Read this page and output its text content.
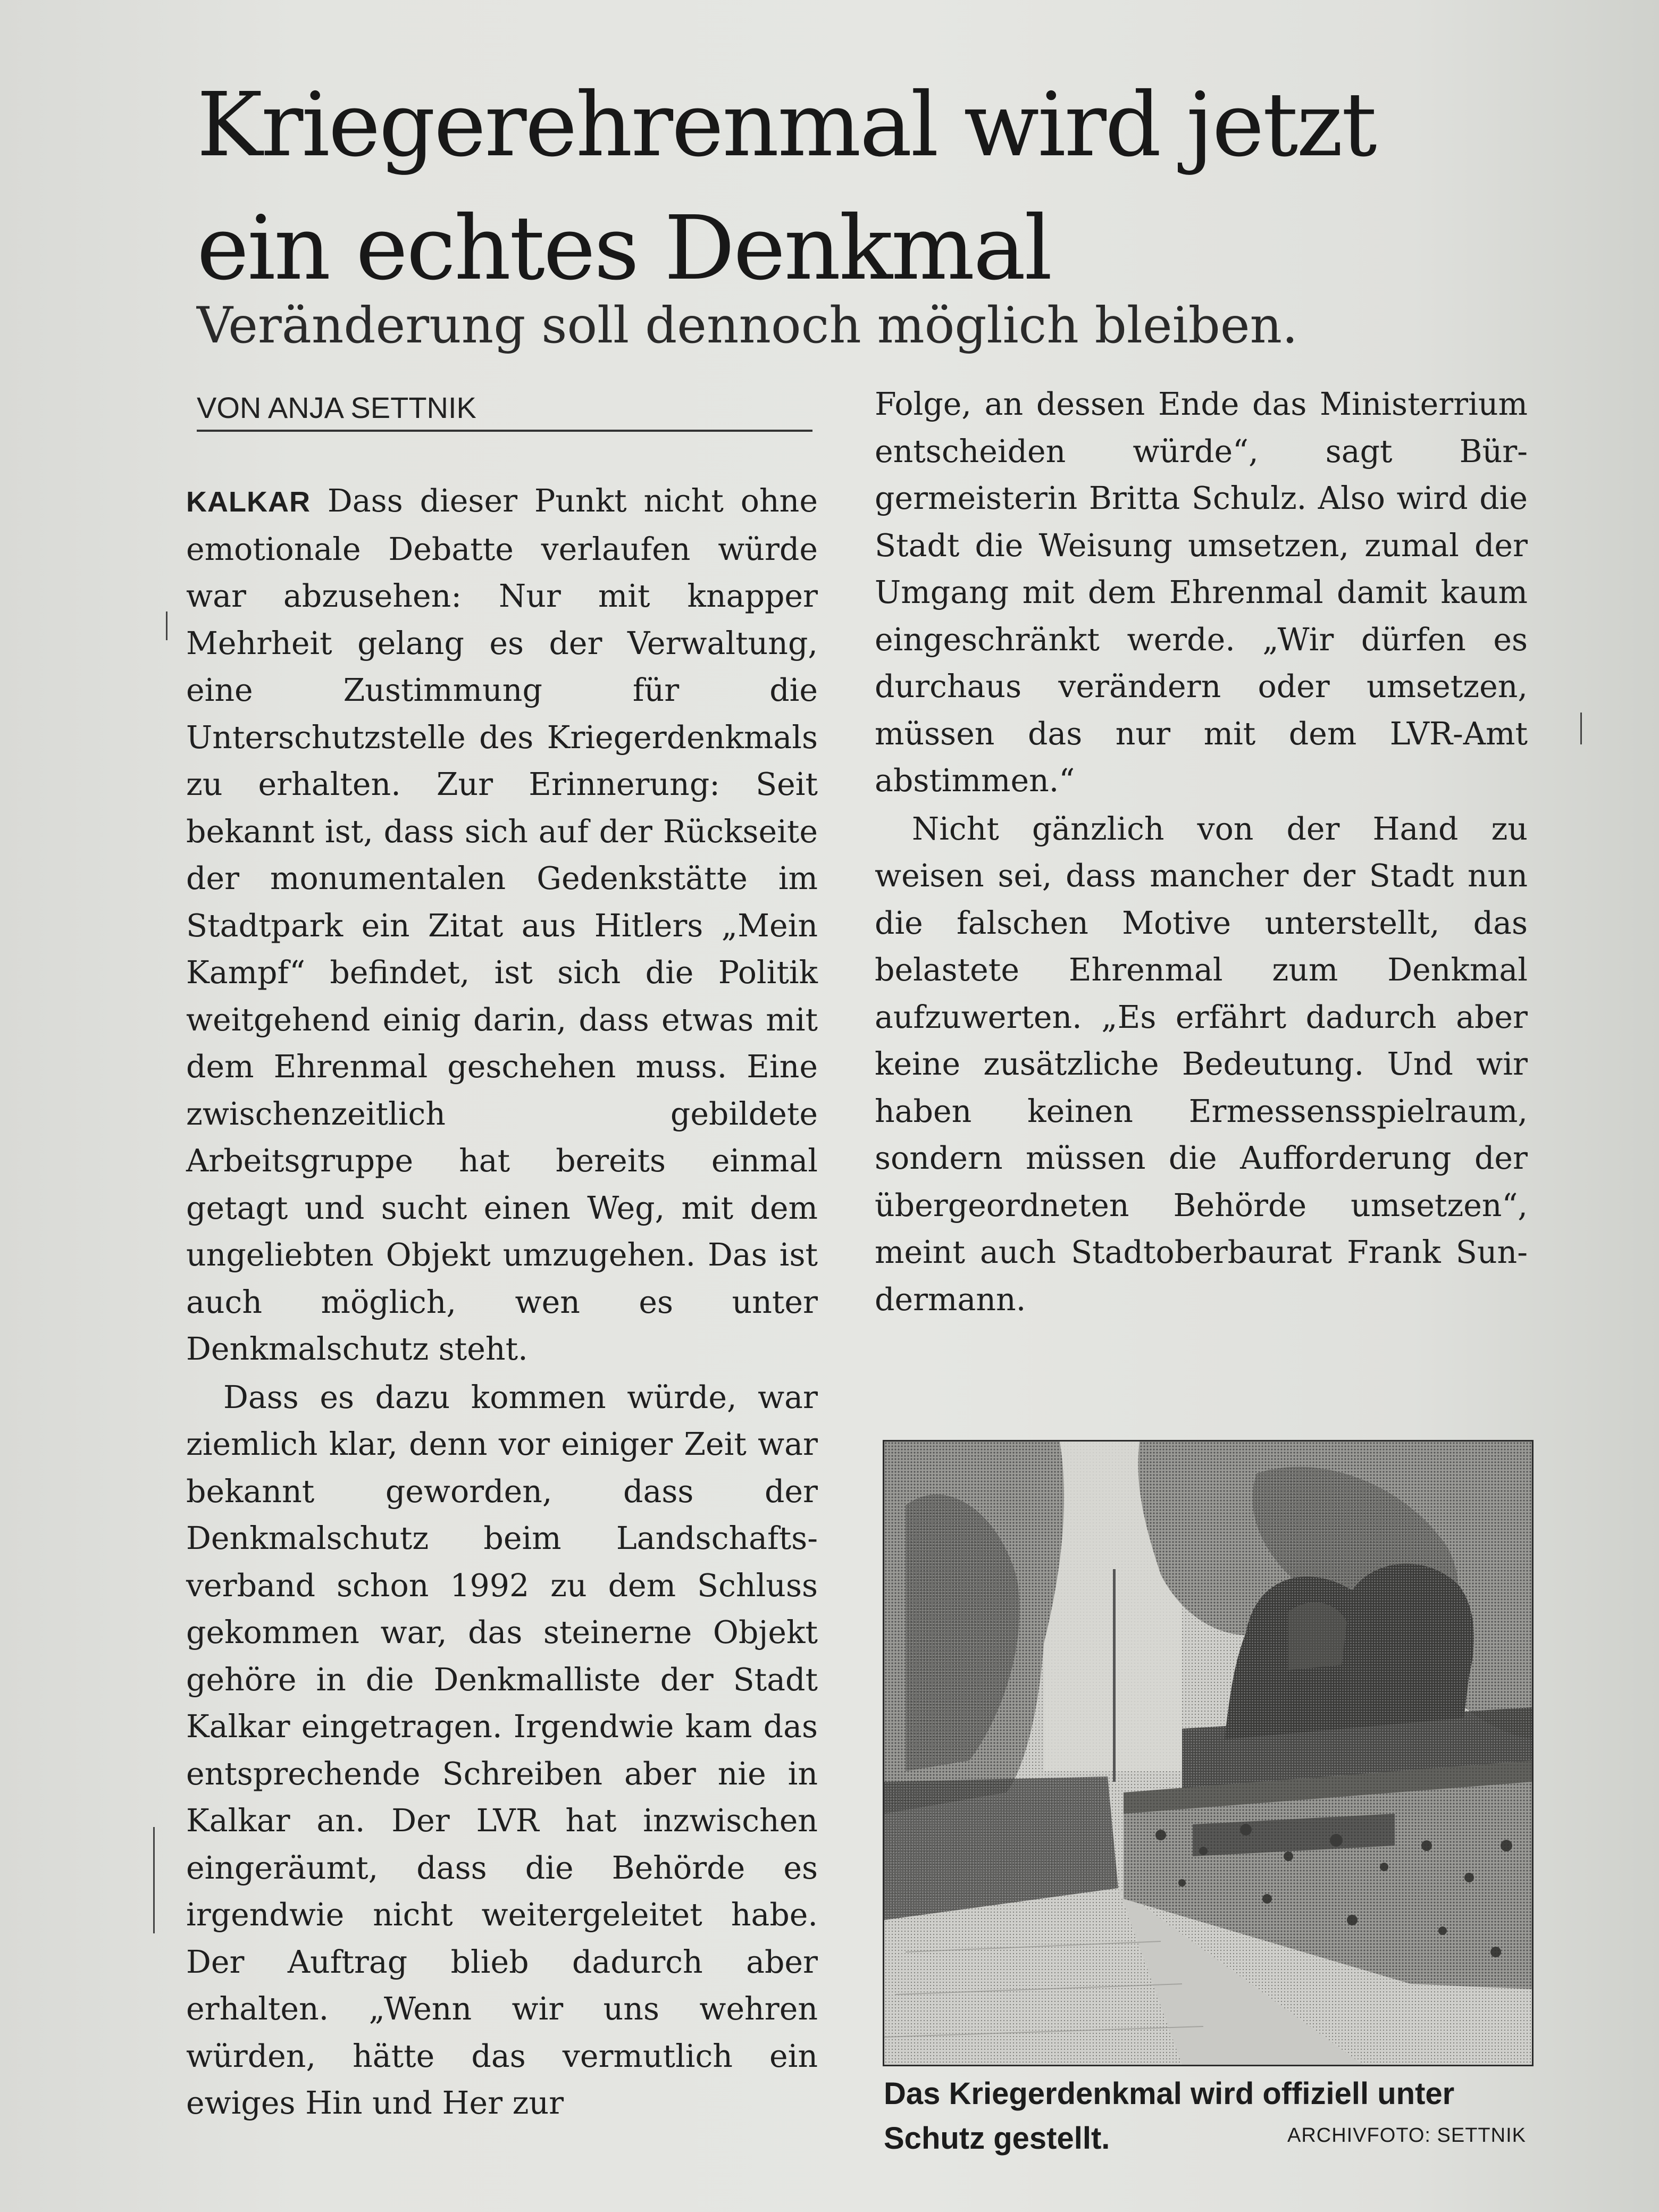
Kriegerehrenmal wird jetzt ein echtes Denkmal
Veränderung soll dennoch möglich bleiben.
VON ANJA SETTNIK

KALKAR Dass dieser Punkt nicht ohne emotionale Debatte verlaufen würde war abzusehen: Nur mit knapper Mehrheit gelang es der Verwaltung, eine Zustimmung für die Unterschutzstelle des Kriegerdenkmals zu erhalten. Zur Erinnerung: Seit bekannt ist, dass sich auf der Rückseite der monumentalen Gedenkstätte im Stadtpark ein Zitat aus Hitlers „Mein Kampf“ befindet, ist sich die Politik weitgehend einig darin, dass etwas mit dem Ehrenmal geschehen muss. Eine zwischenzeitlich gebildete Arbeitsgruppe hat bereits einmal getagt und sucht einen Weg, mit dem ungeliebten Objekt umzugehen. Das ist auch möglich, wen es unter Denkmalschutz steht.

Dass es dazu kommen würde, war ziemlich klar, denn vor einiger Zeit war bekannt geworden, dass der Denkmalschutz beim Landschaftsverband schon 1992 zu dem Schluss gekommen war, das steinerne Objekt gehöre in die Denkmalliste der Stadt Kalkar eingetragen. Irgendwie kam das entsprechende Schreiben aber nie in Kalkar an. Der LVR hat inzwischen eingeräumt, dass die Behörde es irgendwie nicht weitergeleitet habe. Der Auftrag blieb dadurch aber erhalten. „Wenn wir uns wehren würden, hätte das vermutlich ein ewiges Hin und Her zur

Folge, an dessen Ende das Ministerrium entscheiden würde“, sagt Bürgermeisterin Britta Schulz. Also wird die Stadt die Weisung umsetzen, zumal der Umgang mit dem Ehrenmal damit kaum eingeschränkt werde. „Wir dürfen es durchaus verändern oder umsetzen, müssen das nur mit dem LVR-Amt abstimmen.“

Nicht gänzlich von der Hand zu weisen sei, dass mancher der Stadt nun die falschen Motive unterstellt, das belastete Ehrenmal zum Denkmal aufzuwerten. „Es erfährt dadurch aber keine zusätzliche Bedeutung. Und wir haben keinen Ermessensspielraum, sondern müssen die Aufforderung der übergeordneten Behörde umsetzen“, meint auch Stadtoberbaurat Frank Sundermann.

Das Kriegerdenkmal wird offiziell unter Schutz gestellt.	ARCHIVFOTO: SETTNIK
